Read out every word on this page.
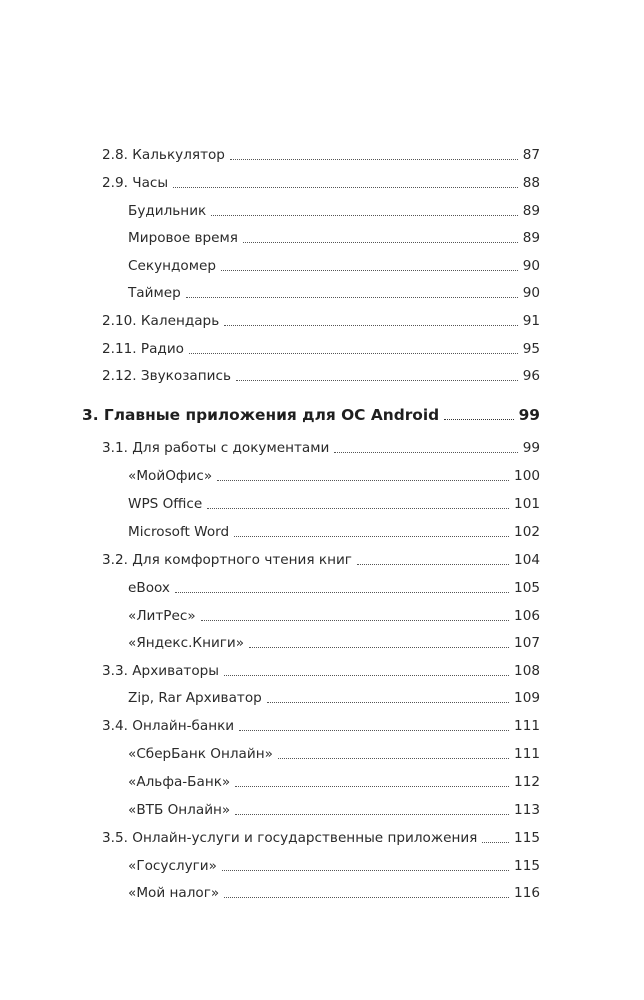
2.8. Калькулятор	87
2.9. Часы	88
Будильник	89
Мировое время	89
Секундомер	90
Таймер	90
2.10. Календарь	91
2.11. Радио	95
2.12. Звукозапись	96
3. Главные приложения для ОС Android	99
3.1. Для работы с документами	99
«МойОфис»	100
WPS Office	101
Microsoft Word	102
3.2. Для комфортного чтения книг	104
eBoox	105
«ЛитРес»	106
«Яндекс.Книги»	107
3.3. Архиваторы	108
Zip, Rar Архиватор	109
3.4. Онлайн-банки	111
«СберБанк Онлайн»	111
«Альфа-Банк»	112
«ВТБ Онлайн»	113
3.5. Онлайн-услуги и государственные приложения	115
«Госуслуги»	115
«Мой налог»	116
